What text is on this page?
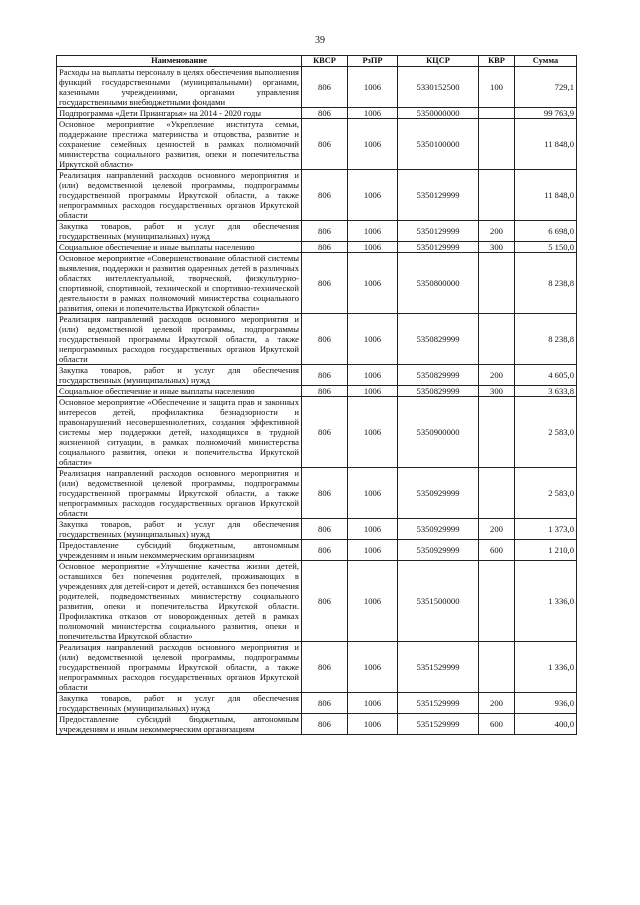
39
Наименование	КВСР	РзПР	КЦСР	КВР	Сумма
Расходы на выплаты персоналу в целях обеспечения выполнения функций государственными (муниципальными) органами, казенными учреждениями, органами управления государственными внебюджетными фондами	806	1006	5330152500	100	729,1
Подпрограмма «Дети Приангарья» на 2014 - 2020 годы	806	1006	5350000000		99 763,9
Основное мероприятие «Укрепление института семьи, поддержание престижа материнства и отцовства, развитие и сохранение семейных ценностей в рамках полномочий министерства социального развития, опеки и попечительства Иркутской области»	806	1006	5350100000		11 848,0
Реализация направлений расходов основного мероприятия и (или) ведомственной целевой программы, подпрограммы государственной программы Иркутской области, а также непрограммных расходов государственных органов Иркутской области	806	1006	5350129999		11 848,0
Закупка товаров, работ и услуг для обеспечения государственных (муниципальных) нужд	806	1006	5350129999	200	6 698,0
Социальное обеспечение и иные выплаты населению	806	1006	5350129999	300	5 150,0
Основное мероприятие «Совершенствование областной системы выявления, поддержки и развития одаренных детей в различных областях интеллектуальной, творческой, физкультурно-спортивной, спортивной, технической и спортивно-технической деятельности в рамках полномочий министерства социального развития, опеки и попечительства Иркутской области»	806	1006	5350800000		8 238,8
Реализация направлений расходов основного мероприятия и (или) ведомственной целевой программы, подпрограммы государственной программы Иркутской области, а также непрограммных расходов государственных органов Иркутской области	806	1006	5350829999		8 238,8
Закупка товаров, работ и услуг для обеспечения государственных (муниципальных) нужд	806	1006	5350829999	200	4 605,0
Социальное обеспечение и иные выплаты населению	806	1006	5350829999	300	3 633,8
Основное мероприятие «Обеспечение и защита прав и законных интересов детей, профилактика безнадзорности и правонарушений несовершеннолетних, создания эффективной системы мер поддержки детей, находящихся в трудной жизненной ситуации, в рамках полномочий министерства социального развития, опеки и попечительства Иркутской области»	806	1006	5350900000		2 583,0
Реализация направлений расходов основного мероприятия и (или) ведомственной целевой программы, подпрограммы государственной программы Иркутской области, а также непрограммных расходов государственных органов Иркутской области	806	1006	5350929999		2 583,0
Закупка товаров, работ и услуг для обеспечения государственных (муниципальных) нужд	806	1006	5350929999	200	1 373,0
Предоставление субсидий бюджетным, автономным учреждениям и иным некоммерческим организациям	806	1006	5350929999	600	1 210,0
Основное мероприятие «Улучшение качества жизни детей, оставшихся без попечения родителей, проживающих в учреждениях для детей-сирот и детей, оставшихся без попечения родителей, подведомственных министерству социального развития, опеки и попечительства Иркутской области. Профилактика отказов от новорожденных детей в рамках полномочий министерства социального развития, опеки и попечительства Иркутской области»	806	1006	5351500000		1 336,0
Реализация направлений расходов основного мероприятия и (или) ведомственной целевой программы, подпрограммы государственной программы Иркутской области, а также непрограммных расходов государственных органов Иркутской области	806	1006	5351529999		1 336,0
Закупка товаров, работ и услуг для обеспечения государственных (муниципальных) нужд	806	1006	5351529999	200	936,0
Предоставление субсидий бюджетным, автономным учреждениям и иным некоммерческим организациям	806	1006	5351529999	600	400,0
